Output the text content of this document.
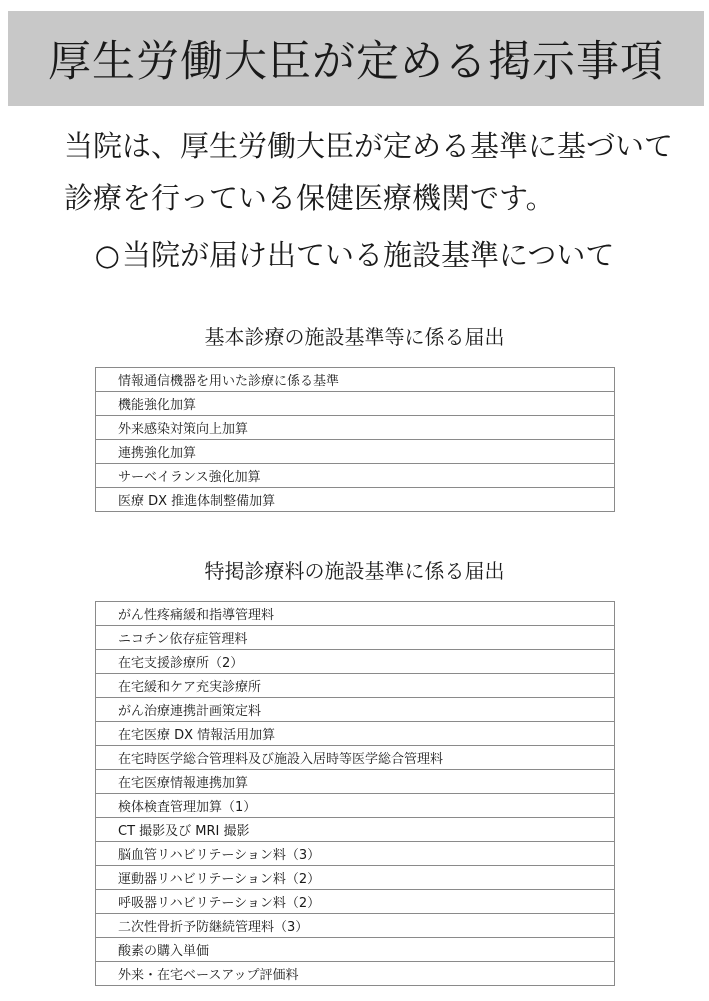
厚生労働大臣が定める掲示事項

当院は、厚生労働大臣が定める基準に基づいて

診療を行っている保健医療機関です。

○当院が届け出ている施設基準について
基本診療の施設基準等に係る届出
情報通信機器を用いた診療に係る基準
機能強化加算
外来感染対策向上加算
連携強化加算
サーベイランス強化加算
医療 DX 推進体制整備加算
特掲診療料の施設基準に係る届出
がん性疼痛緩和指導管理料
ニコチン依存症管理料
在宅支援診療所（2）
在宅緩和ケア充実診療所
がん治療連携計画策定料
在宅医療 DX 情報活用加算
在宅時医学総合管理料及び施設入居時等医学総合管理料
在宅医療情報連携加算
検体検査管理加算（1）
CT 撮影及び MRI 撮影
脳血管リハビリテーション料（3）
運動器リハビリテーション料（2）
呼吸器リハビリテーション料（2）
二次性骨折予防継続管理料（3）
酸素の購入単価
外来・在宅ベースアップ評価料
